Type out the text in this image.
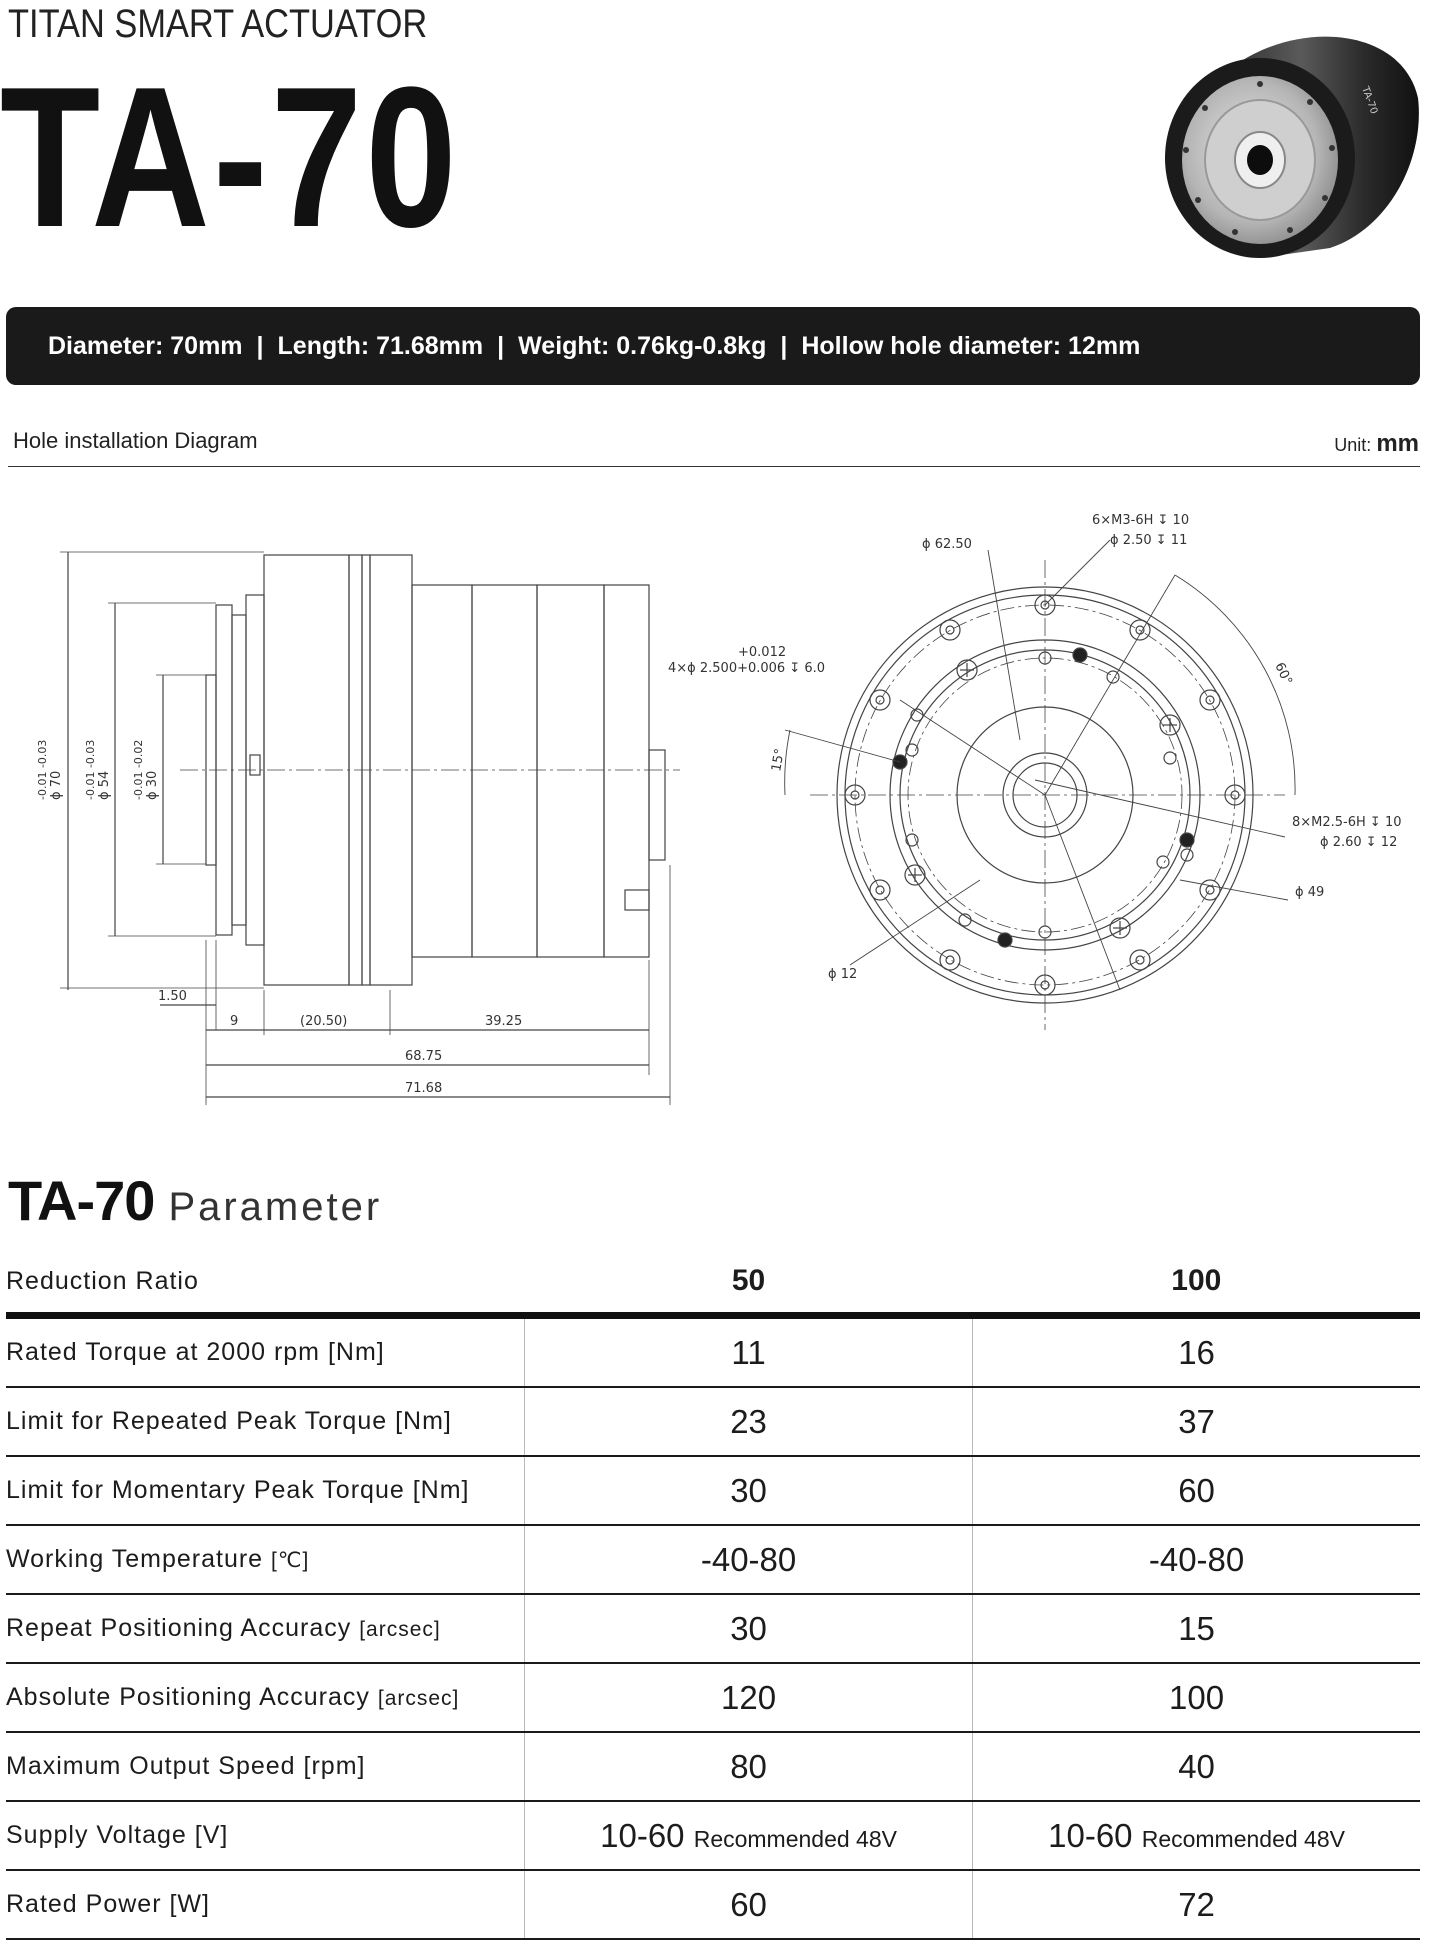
TITAN SMART ACTUATOR
TA-70	TA-70
Diameter: 70mm | Length: 71.68mm | Weight: 0.76kg-0.8kg | Hollow hole diameter: 12mm
Hole installation Diagram	Unit: mm
ϕ 70
-0.01 -0.03	ϕ 54
-0.01 -0.03	ϕ 30
-0.01 -0.02
1.50
9	(20.50)	39.25
68.75
71.68
ϕ 62.50
6×M3-6H ↧ 10
ϕ 2.50 ↧ 11
60°
+0.012
4×ϕ 2.500+0.006 ↧ 6.0
15°
8×M2.5-6H ↧ 10
ϕ 2.60 ↧ 12
ϕ 49
ϕ 12
TA-70 Parameter
Reduction Ratio	50	100
Rated Torque at 2000 rpm [Nm]	11	16
Limit for Repeated Peak Torque [Nm]	23	37
Limit for Momentary Peak Torque [Nm]	30	60
Working Temperature [℃]	-40-80	-40-80
Repeat Positioning Accuracy [arcsec]	30	15
Absolute Positioning Accuracy [arcsec]	120	100
Maximum Output Speed [rpm]	80	40
Supply Voltage [V]	10-60 Recommended 48V	10-60 Recommended 48V
Rated Power [W]	60	72
